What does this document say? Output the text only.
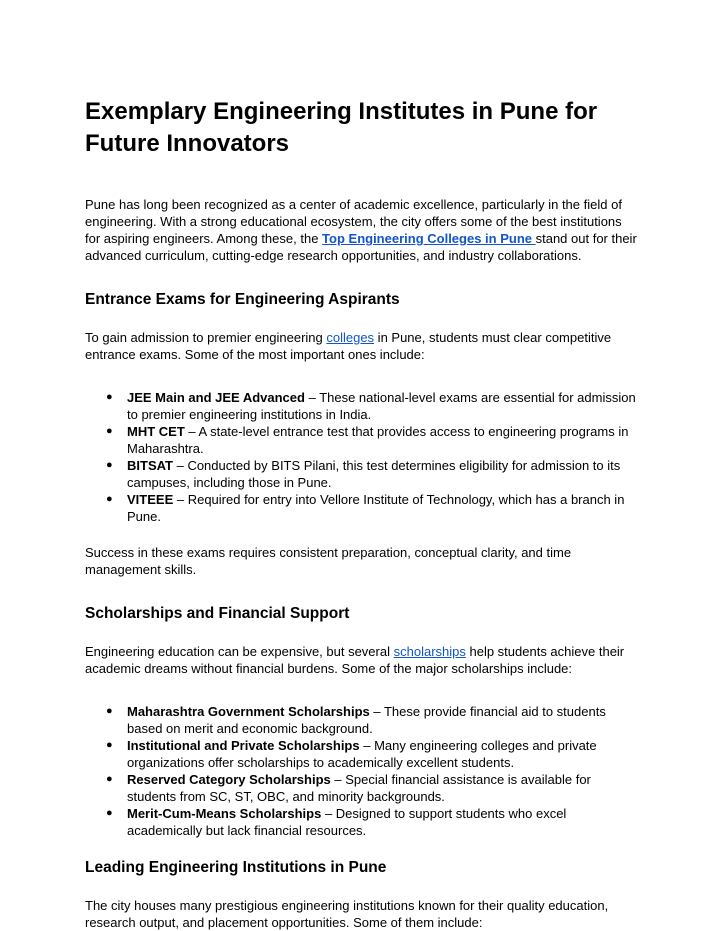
Exemplary Engineering Institutes in Pune for Future Innovators

Pune has long been recognized as a center of academic excellence, particularly in the field of engineering. With a strong educational ecosystem, the city offers some of the best institutions for aspiring engineers. Among these, the Top Engineering Colleges in Pune stand out for their advanced curriculum, cutting-edge research opportunities, and industry collaborations.

Entrance Exams for Engineering Aspirants

To gain admission to premier engineering colleges in Pune, students must clear competitive entrance exams. Some of the most important ones include:

● JEE Main and JEE Advanced – These national-level exams are essential for admission to premier engineering institutions in India.
● MHT CET – A state-level entrance test that provides access to engineering programs in Maharashtra.
● BITSAT – Conducted by BITS Pilani, this test determines eligibility for admission to its campuses, including those in Pune.
● VITEEE – Required for entry into Vellore Institute of Technology, which has a branch in Pune.

Success in these exams requires consistent preparation, conceptual clarity, and time management skills.

Scholarships and Financial Support

Engineering education can be expensive, but several scholarships help students achieve their academic dreams without financial burdens. Some of the major scholarships include:

● Maharashtra Government Scholarships – These provide financial aid to students based on merit and economic background.
● Institutional and Private Scholarships – Many engineering colleges and private organizations offer scholarships to academically excellent students.
● Reserved Category Scholarships – Special financial assistance is available for students from SC, ST, OBC, and minority backgrounds.
● Merit-Cum-Means Scholarships – Designed to support students who excel academically but lack financial resources.
Leading Engineering Institutions in Pune

The city houses many prestigious engineering institutions known for their quality education, research output, and placement opportunities. Some of them include:
